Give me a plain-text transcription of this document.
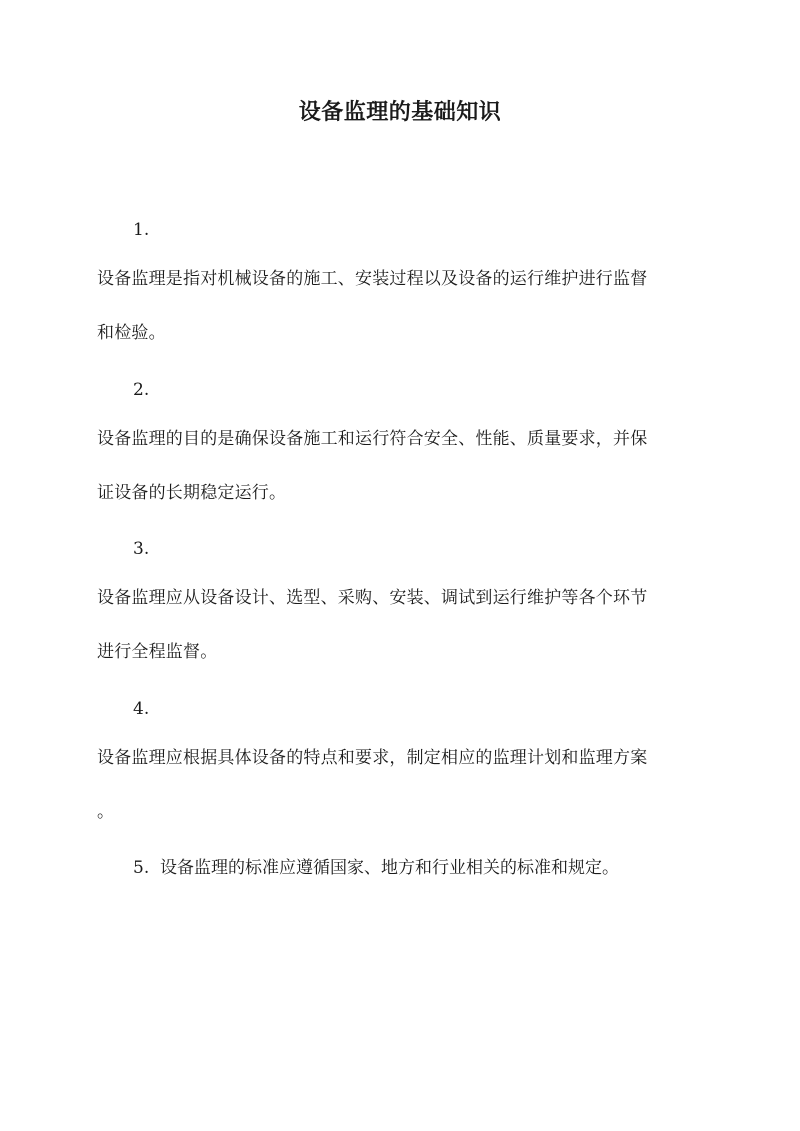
设备监理的基础知识
1.
设备监理是指对机械设备的施工、安装过程以及设备的运行维护进行监督
和检验。
2.
设备监理的目的是确保设备施工和运行符合安全、性能、质量要求，并保
证设备的长期稳定运行。
3.
设备监理应从设备设计、选型、采购、安装、调试到运行维护等各个环节
进行全程监督。
4.
设备监理应根据具体设备的特点和要求，制定相应的监理计划和监理方案
。
5.  设备监理的标准应遵循国家、地方和行业相关的标准和规定。
